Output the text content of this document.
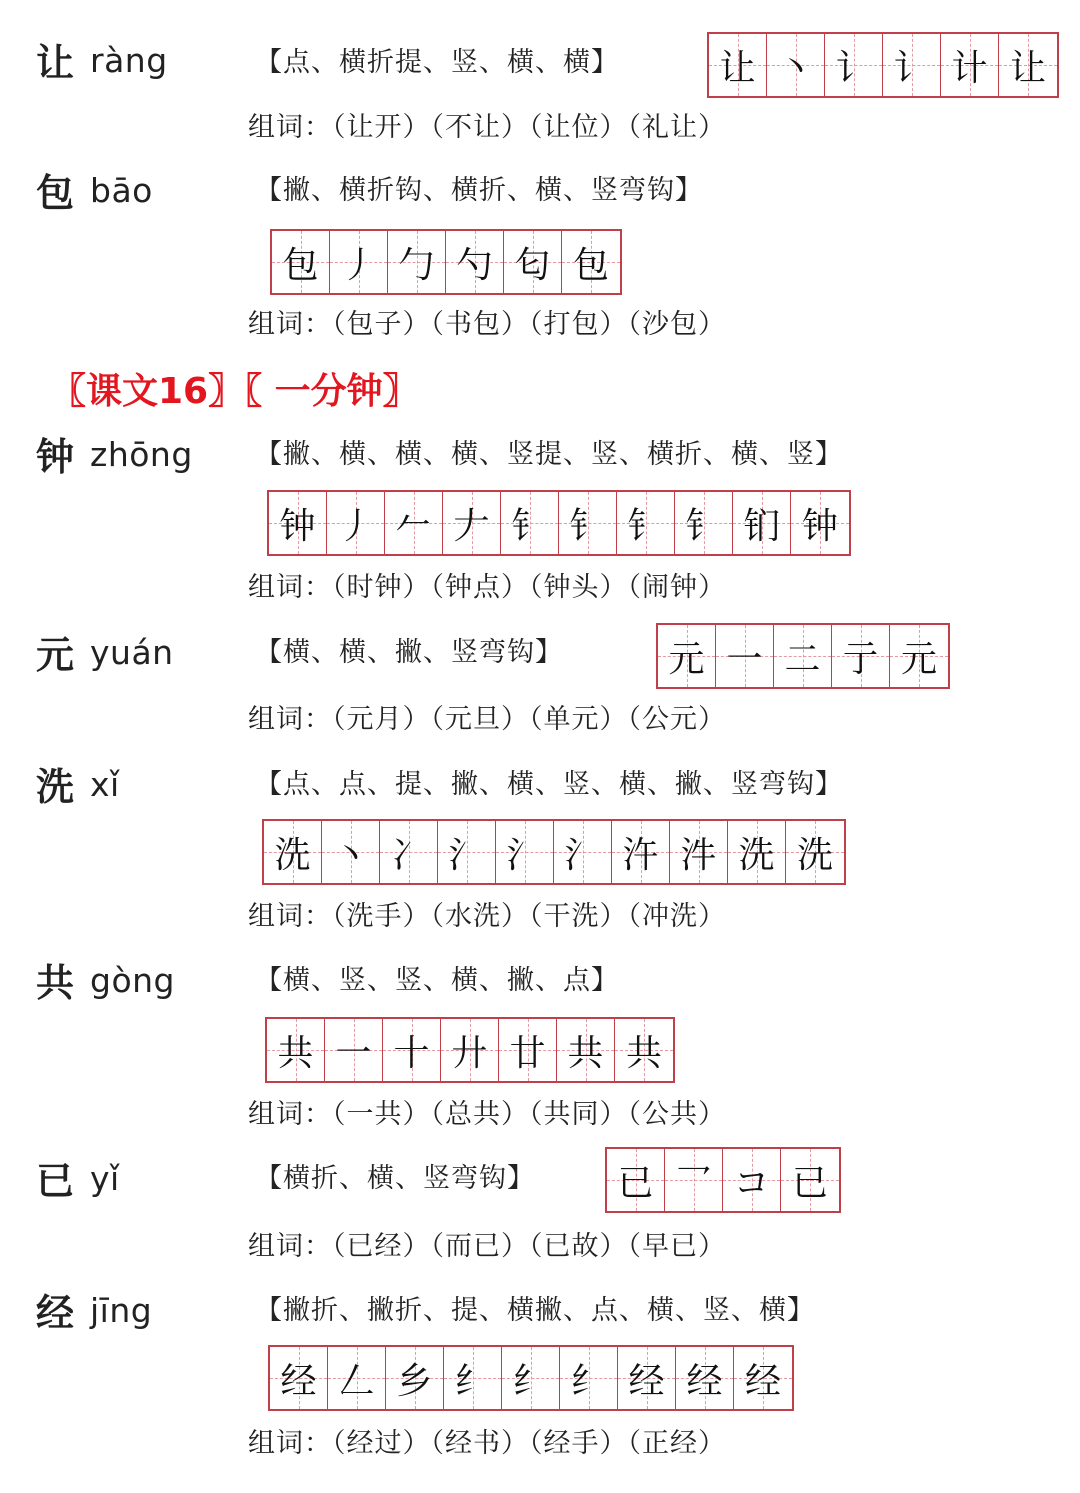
让 ràng	【点、横折提、竖、横、横】	让 丶 讠 讠 计 让
组词：（让开）（不让）（让位）（礼让）
包 bāo	【撇、横折钩、横折、横、竖弯钩】
包 丿 勹 勺 匂 包
组词：（包子）（书包）（打包）（沙包）
〖课文16〗〖 一分钟〗
钟 zhōng 【撇、横、横、横、竖提、竖、横折、横、竖】
钟 丿 𠂉 𠂇 钅 钅 钅 钅 钔 钟
组词：（时钟）（钟点）（钟头）（闹钟）
元 yuán	【横、横、撇、竖弯钩】	元 一 二 亍 元
组词：（元月）（元旦）（单元）（公元）
洗 xǐ	【点、点、提、撇、横、竖、横、撇、竖弯钩】
洗 丶 冫 氵 氵 氵 汻 汼 洗 洗
组词：（洗手）（水洗）（干洗）（冲洗）
共 gòng	【横、竖、竖、横、撇、点】
共 一 十 廾 廿 共 共
组词：（一共）（总共）（共同）（公共）
已 yǐ	【横折、横、竖弯钩】 已 乛 コ 已
组词：（已经）（而已）（已故）（早已）
经 jīng	【撇折、撇折、提、横撇、点、横、竖、横】
经 𠃋 乡 纟 纟 纟 经 经 经
组词：（经过）（经书）（经手）（正经）
